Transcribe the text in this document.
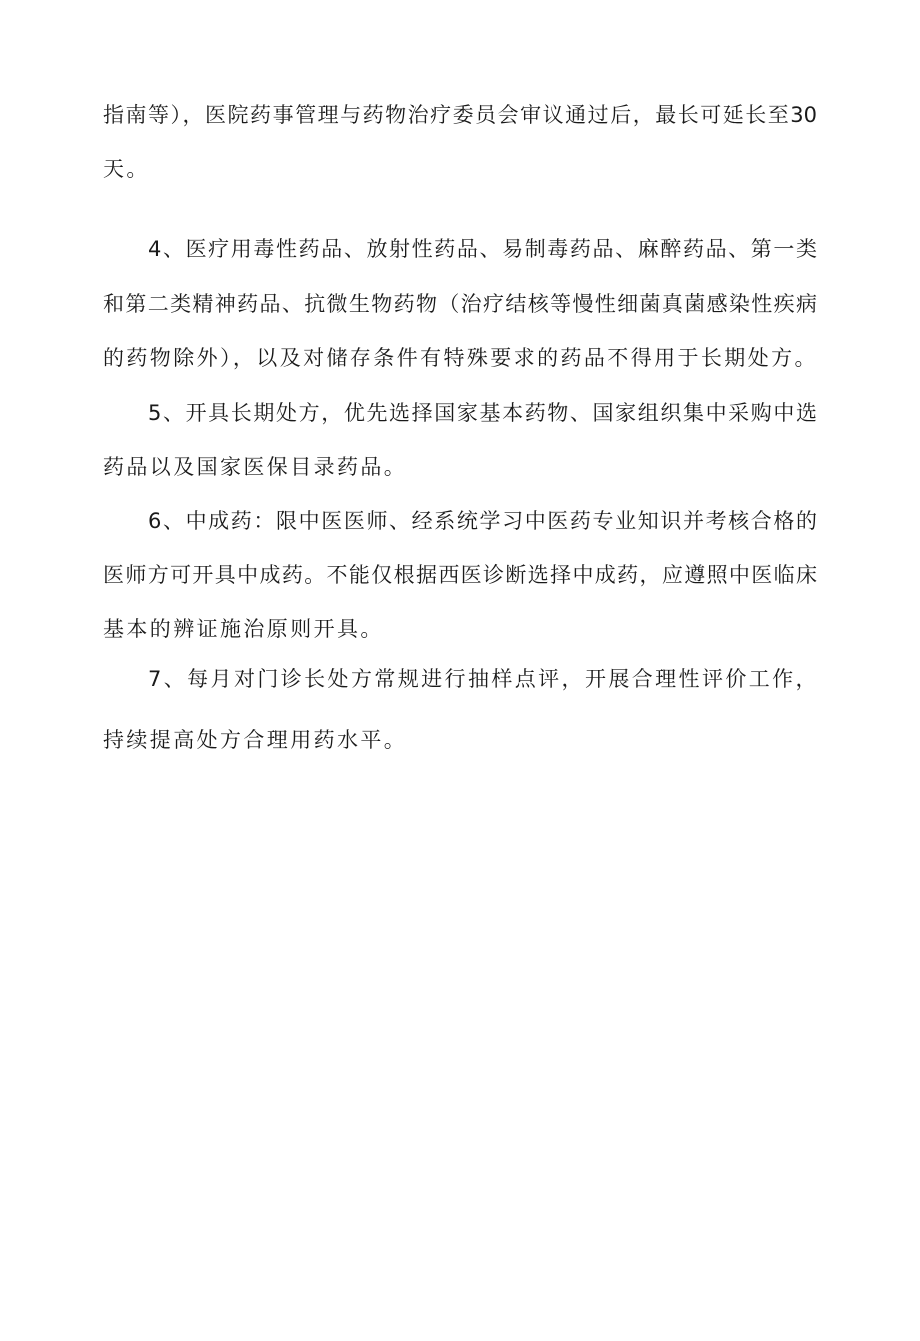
指南等），医院药事管理与药物治疗委员会审议通过后，最长可延长至30
天。
4、医疗用毒性药品、放射性药品、易制毒药品、麻醉药品、第一类
和第二类精神药品、抗微生物药物（治疗结核等慢性细菌真菌感染性疾病
的药物除外），以及对储存条件有特殊要求的药品不得用于长期处方。
5、开具长期处方，优先选择国家基本药物、国家组织集中采购中选
药品以及国家医保目录药品。
6、中成药：限中医医师、经系统学习中医药专业知识并考核合格的
医师方可开具中成药。不能仅根据西医诊断选择中成药，应遵照中医临床
基本的辨证施治原则开具。
7、每月对门诊长处方常规进行抽样点评，开展合理性评价工作，
持续提高处方合理用药水平。
